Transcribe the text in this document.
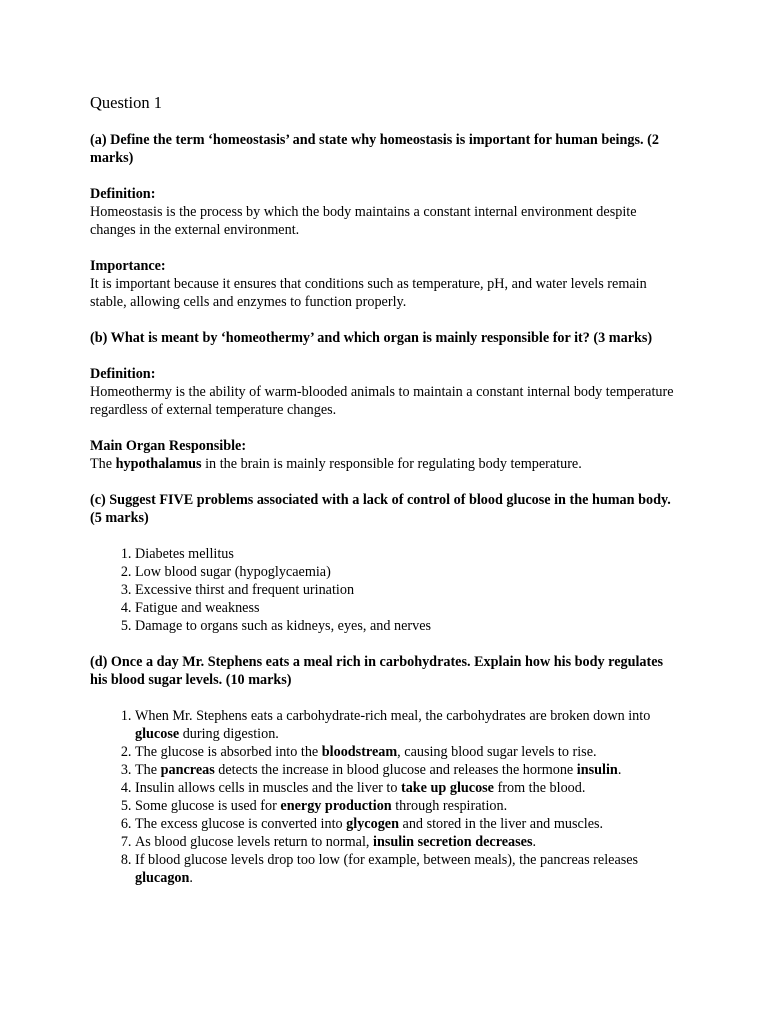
Question 1

(a) Define the term ‘homeostasis’ and state why homeostasis is important for human beings. (2 marks)

Definition:

Homeostasis is the process by which the body maintains a constant internal environment despite changes in the external environment.

Importance:

It is important because it ensures that conditions such as temperature, pH, and water levels remain stable, allowing cells and enzymes to function properly.

(b) What is meant by ‘homeothermy’ and which organ is mainly responsible for it? (3 marks)

Definition:

Homeothermy is the ability of warm-blooded animals to maintain a constant internal body temperature regardless of external temperature changes.

Main Organ Responsible:

The hypothalamus in the brain is mainly responsible for regulating body temperature.

(c) Suggest FIVE problems associated with a lack of control of blood glucose in the human body. (5 marks)

1. Diabetes mellitus
2. Low blood sugar (hypoglycaemia)
3. Excessive thirst and frequent urination
4. Fatigue and weakness
5. Damage to organs such as kidneys, eyes, and nerves

(d) Once a day Mr. Stephens eats a meal rich in carbohydrates. Explain how his body regulates his blood sugar levels. (10 marks)

1. When Mr. Stephens eats a carbohydrate-rich meal, the carbohydrates are broken down into glucose during digestion.
2. The glucose is absorbed into the bloodstream, causing blood sugar levels to rise.
3. The pancreas detects the increase in blood glucose and releases the hormone insulin.
4. Insulin allows cells in muscles and the liver to take up glucose from the blood.
5. Some glucose is used for energy production through respiration.
6. The excess glucose is converted into glycogen and stored in the liver and muscles.
7. As blood glucose levels return to normal, insulin secretion decreases.
8. If blood glucose levels drop too low (for example, between meals), the pancreas releases glucagon.
